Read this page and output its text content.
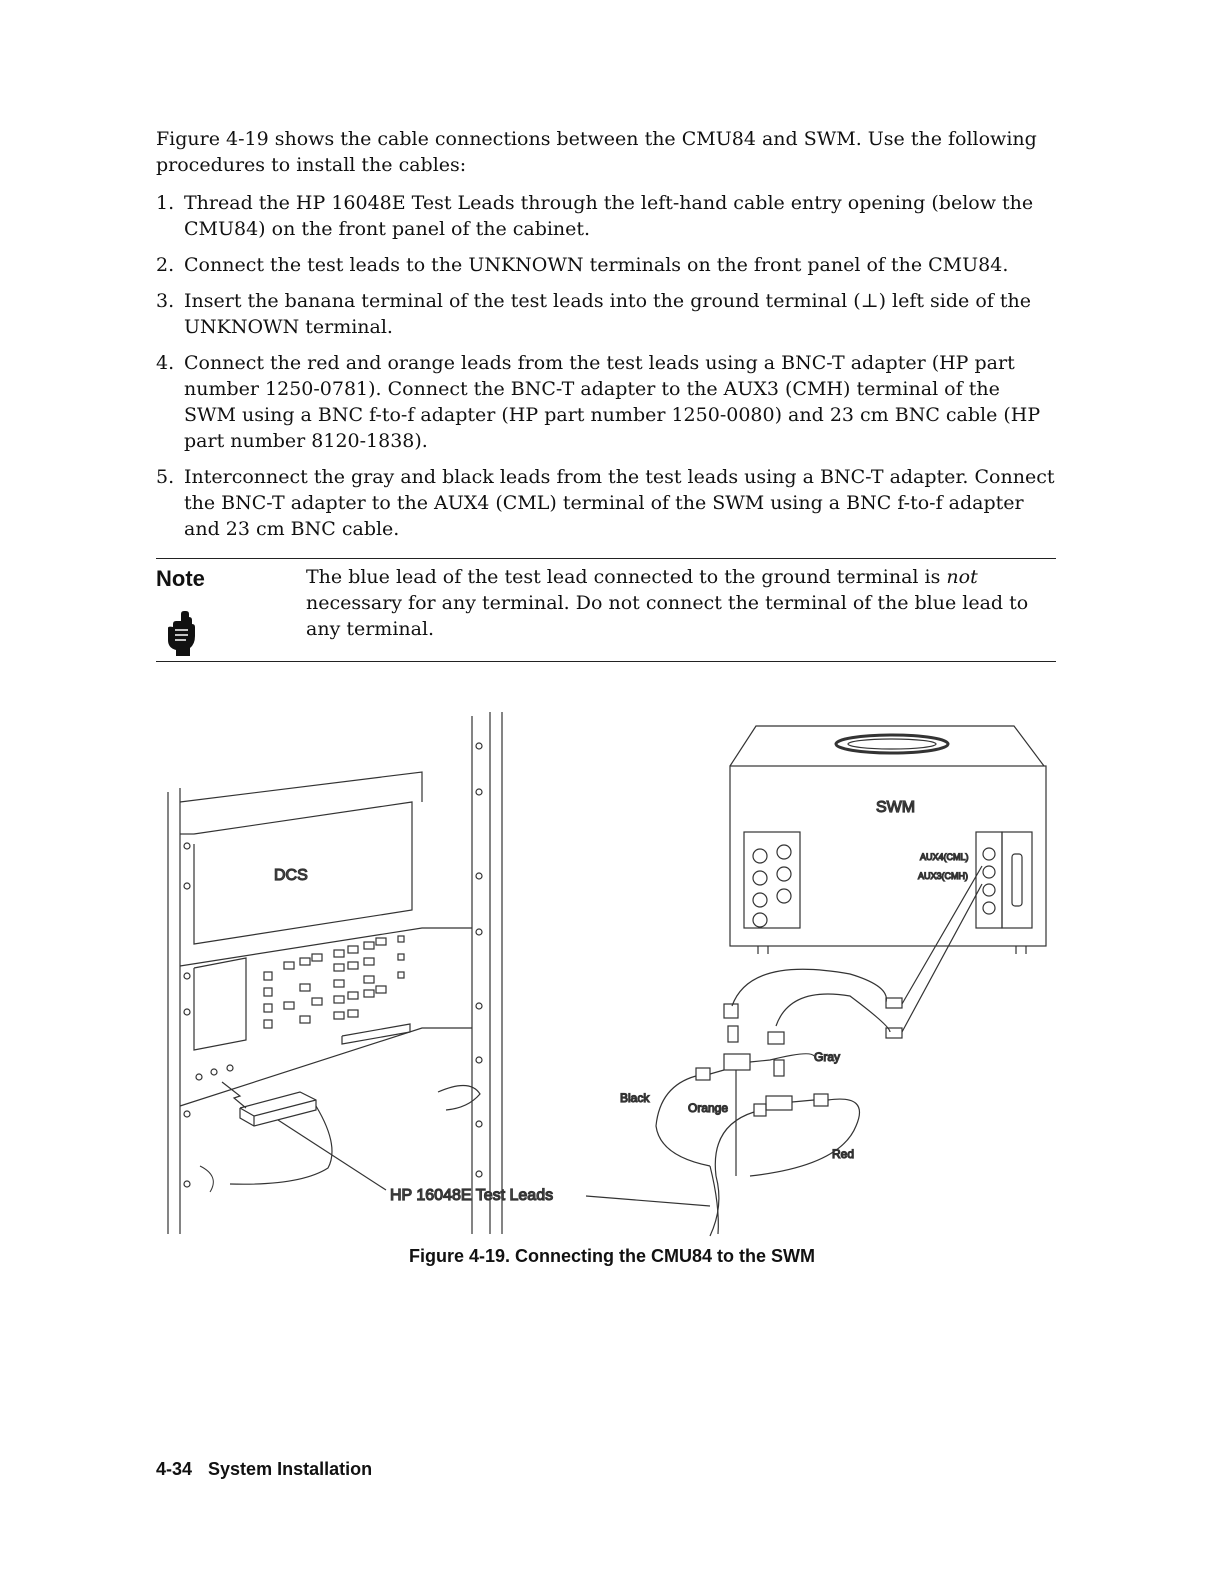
Figure 4-19 shows the cable connections between the CMU84 and SWM. Use the following procedures to install the cables:

1. Thread the HP 16048E Test Leads through the left-hand cable entry opening (below the CMU84) on the front panel of the cabinet.
2. Connect the test leads to the UNKNOWN terminals on the front panel of the CMU84.
3. Insert the banana terminal of the test leads into the ground terminal (⊥) left side of the UNKNOWN terminal.
4. Connect the red and orange leads from the test leads using a BNC-T adapter (HP part number 1250-0781). Connect the BNC-T adapter to the AUX3 (CMH) terminal of the SWM using a BNC f-to-f adapter (HP part number 1250-0080) and 23 cm BNC cable (HP part number 8120-1838).
5. Interconnect the gray and black leads from the test leads using a BNC-T adapter. Connect the BNC-T adapter to the AUX4 (CML) terminal of the SWM using a BNC f-to-f adapter and 23 cm BNC cable.
Note	The blue lead of the test lead connected to the ground terminal is not necessary for any terminal. Do not connect the terminal of the blue lead to any terminal.

DCS
SWM
AUX4(CML)
AUX3(CMH)
Gray
Black
Orange
Red
HP 16048E Test Leads
Figure 4-19. Connecting the CMU84 to the SWM
4-34 System Installation
